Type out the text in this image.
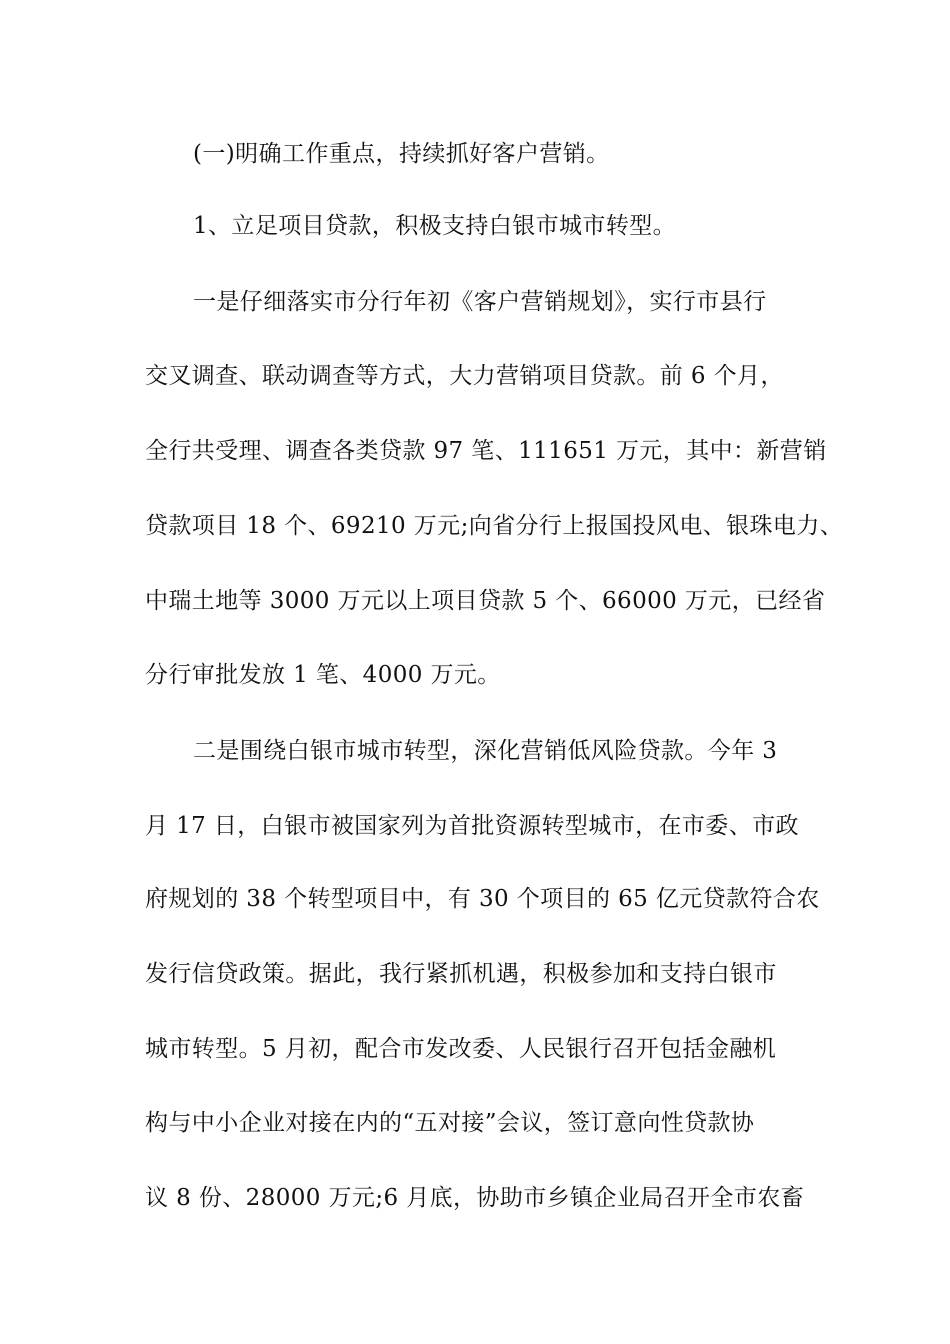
(一)明确工作重点，持续抓好客户营销。
1、立足项目贷款，积极支持白银市城市转型。
一是仔细落实市分行年初《客户营销规划》，实行市县行
交叉调查、联动调查等方式，大力营销项目贷款。前 6 个月，
全行共受理、调查各类贷款 97 笔、111651 万元，其中：新营销
贷款项目 18 个、69210 万元;向省分行上报国投风电、银珠电力、
中瑞土地等 3000 万元以上项目贷款 5 个、66000 万元，已经省
分行审批发放 1 笔、4000 万元。
二是围绕白银市城市转型，深化营销低风险贷款。今年 3
月 17 日，白银市被国家列为首批资源转型城市，在市委、市政
府规划的 38 个转型项目中，有 30 个项目的 65 亿元贷款符合农
发行信贷政策。据此，我行紧抓机遇，积极参加和支持白银市
城市转型。5 月初，配合市发改委、人民银行召开包括金融机
构与中小企业对接在内的“五对接”会议，签订意向性贷款协
议 8 份、28000 万元;6 月底，协助市乡镇企业局召开全市农畜
